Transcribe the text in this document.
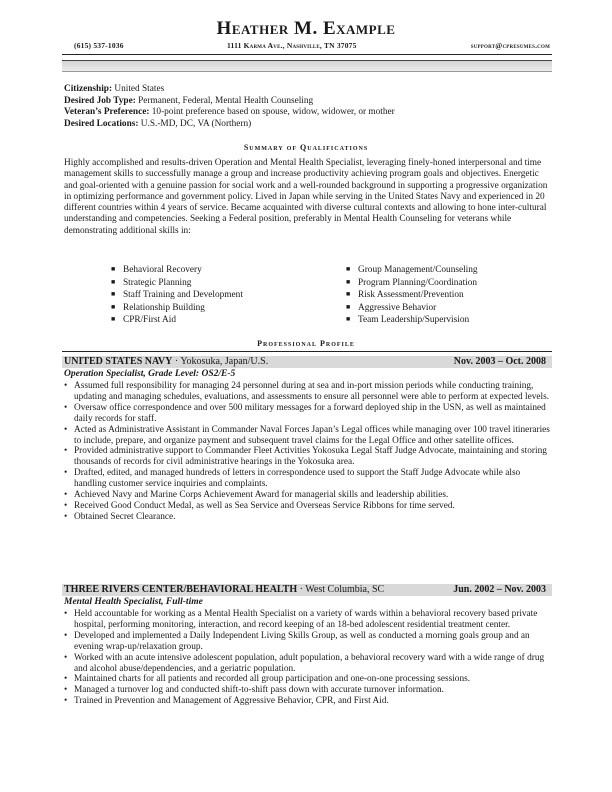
Heather M. Example
(615) 537-1036	1111 Karma Ave., Nashville, TN 37075	support@cpresumes.com
Citizenship: United States
Desired Job Type: Permanent, Federal, Mental Health Counseling
Veteran’s Preference: 10-point preference based on spouse, widow, widower, or mother
Desired Locations: U.S.-MD, DC, VA (Northern)
Summary of Qualifications

Highly accomplished and results-driven Operation and Mental Health Specialist, leveraging finely-honed interpersonal and time management skills to successfully manage a group and increase productivity achieving program goals and objectives. Energetic and goal-oriented with a genuine passion for social work and a well-rounded background in supporting a progressive organization in optimizing performance and government policy. Lived in Japan while serving in the United States Navy and experienced in 20 different countries within 4 years of service. Became acquainted with diverse cultural contexts and allowing to hone inter-cultural understanding and competencies. Seeking a Federal position, preferably in Mental Health Counseling for veterans while demonstrating additional skills in:

■ Behavioral Recovery
■ Strategic Planning
■ Staff Training and Development
■ Relationship Building
■ CPR/First Aid
■ Group Management/Counseling
■ Program Planning/Coordination
■ Risk Assessment/Prevention
■ Aggressive Behavior
■ Team Leadership/Supervision
Professional Profile
UNITED STATES NAVY · Yokosuka, Japan/U.S.	Nov. 2003 – Oct. 2008
Operation Specialist, Grade Level: OS2/E-5
• Assumed full responsibility for managing 24 personnel during at sea and in-port mission periods while conducting training, updating and managing schedules, evaluations, and assessments to ensure all personnel were able to perform at expected levels.
• Oversaw office correspondence and over 500 military messages for a forward deployed ship in the USN, as well as maintained daily records for staff.
• Acted as Administrative Assistant in Commander Naval Forces Japan’s Legal offices while managing over 100 travel itineraries to include, prepare, and organize payment and subsequent travel claims for the Legal Office and other satellite offices.
• Provided administrative support to Commander Fleet Activities Yokosuka Legal Staff Judge Advocate, maintaining and storing thousands of records for civil administrative hearings in the Yokosuka area.
• Drafted, edited, and managed hundreds of letters in correspondence used to support the Staff Judge Advocate while also handling customer service inquiries and complaints.
• Achieved Navy and Marine Corps Achievement Award for managerial skills and leadership abilities.
• Received Good Conduct Medal, as well as Sea Service and Overseas Service Ribbons for time served.
• Obtained Secret Clearance.
THREE RIVERS CENTER/BEHAVIORAL HEALTH · West Columbia, SC	Jun. 2002 – Nov. 2003
Mental Health Specialist, Full-time
• Held accountable for working as a Mental Health Specialist on a variety of wards within a behavioral recovery based private hospital, performing monitoring, interaction, and record keeping of an 18-bed adolescent residential treatment center.
• Developed and implemented a Daily Independent Living Skills Group, as well as conducted a morning goals group and an evening wrap-up/relaxation group.
• Worked with an acute intensive adolescent population, adult population, a behavioral recovery ward with a wide range of drug and alcohol abuse/dependencies, and a geriatric population.
• Maintained charts for all patients and recorded all group participation and one-on-one processing sessions.
• Managed a turnover log and conducted shift-to-shift pass down with accurate turnover information.
• Trained in Prevention and Management of Aggressive Behavior, CPR, and First Aid.
